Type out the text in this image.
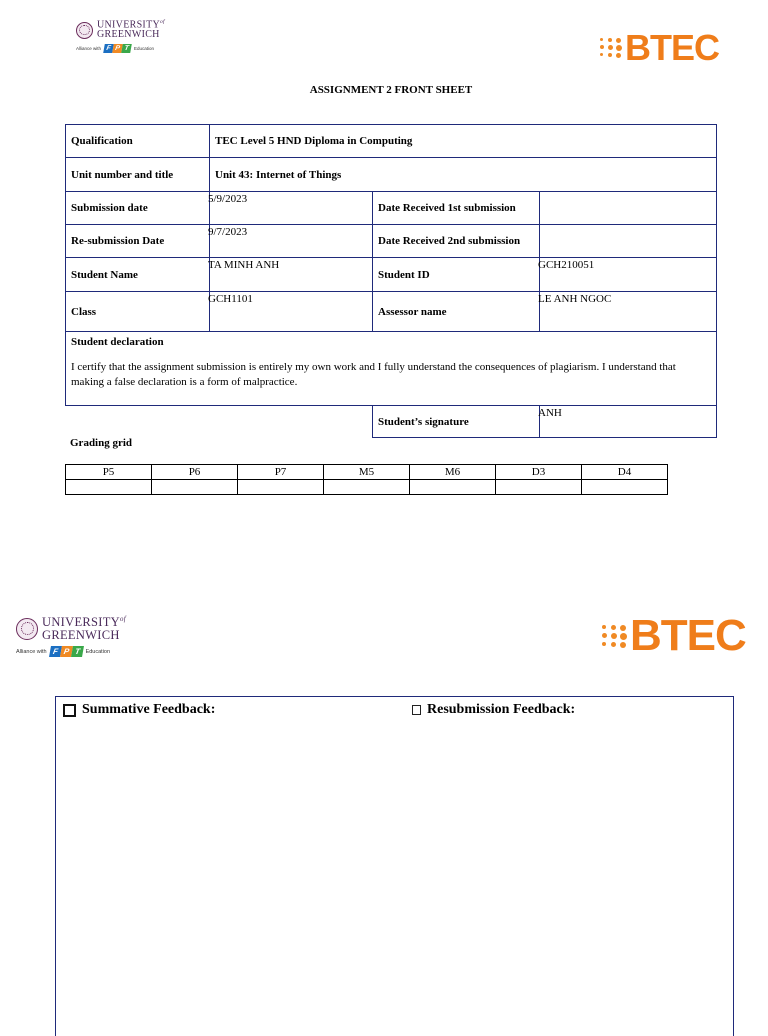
$UNIVERSITY^{of}$
GREENWICH
Alliance with F P T	Education	BTEC
ASSIGNMENT 2 FRONT SHEET
Qualification	TEC Level 5 HND Diploma in Computing		
Unit number and title	Unit 43: Internet of Things		
Submission date	5/9/2023	Date Received 1st submission	
Re-submission Date	9/7/2023	Date Received 2nd submission	
Student Name	TA MINH ANH	Student ID	GCH210051
Class	GCH1101	Assessor name	LE ANH NGOC

Student declaration
I certify that the assignment submission is entirely my own work and I fully understand the consequences of plagiarism. I understand that making a false declaration is a form of malpractice.			

		Student’s signature	ANH
Grading grid
P5	P6	P7	M5	M6	D3	D4

$UNIVERSITY^{of}$
GREENWICH
Alliance with F P T Education	BTEC
Summative Feedback:	Resubmission Feedback:
